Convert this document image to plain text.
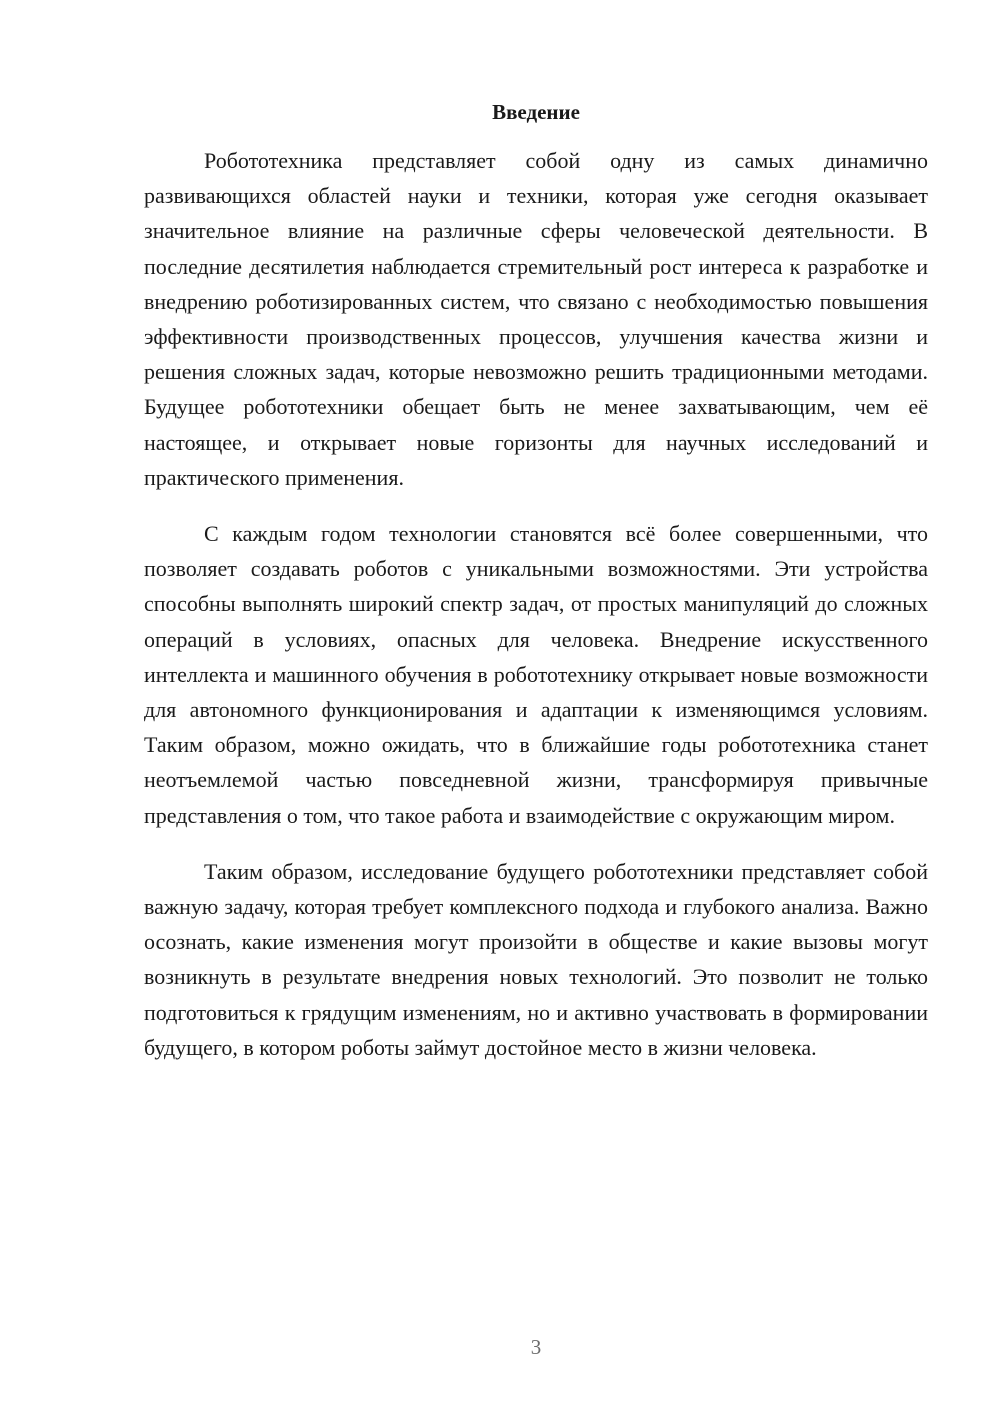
Введение

Робототехника представляет собой одну из самых динамично развивающихся областей науки и техники, которая уже сегодня оказывает значительное влияние на различные сферы человеческой деятельности. В последние десятилетия наблюдается стремительный рост интереса к разработке и внедрению роботизированных систем, что связано с необходимостью повышения эффективности производственных процессов, улучшения качества жизни и решения сложных задач, которые невозможно решить традиционными методами. Будущее робототехники обещает быть не менее захватывающим, чем её настоящее, и открывает новые горизонты для научных исследований и практического применения.

С каждым годом технологии становятся всё более совершенными, что позволяет создавать роботов с уникальными возможностями. Эти устройства способны выполнять широкий спектр задач, от простых манипуляций до сложных операций в условиях, опасных для человека. Внедрение искусственного интеллекта и машинного обучения в робототехнику открывает новые возможности для автономного функционирования и адаптации к изменяющимся условиям. Таким образом, можно ожидать, что в ближайшие годы робототехника станет неотъемлемой частью повседневной жизни, трансформируя привычные представления о том, что такое работа и взаимодействие с окружающим миром.

Таким образом, исследование будущего робототехники представляет собой важную задачу, которая требует комплексного подхода и глубокого анализа. Важно осознать, какие изменения могут произойти в обществе и какие вызовы могут возникнуть в результате внедрения новых технологий. Это позволит не только подготовиться к грядущим изменениям, но и активно участвовать в формировании будущего, в котором роботы займут достойное место в жизни человека.

3
